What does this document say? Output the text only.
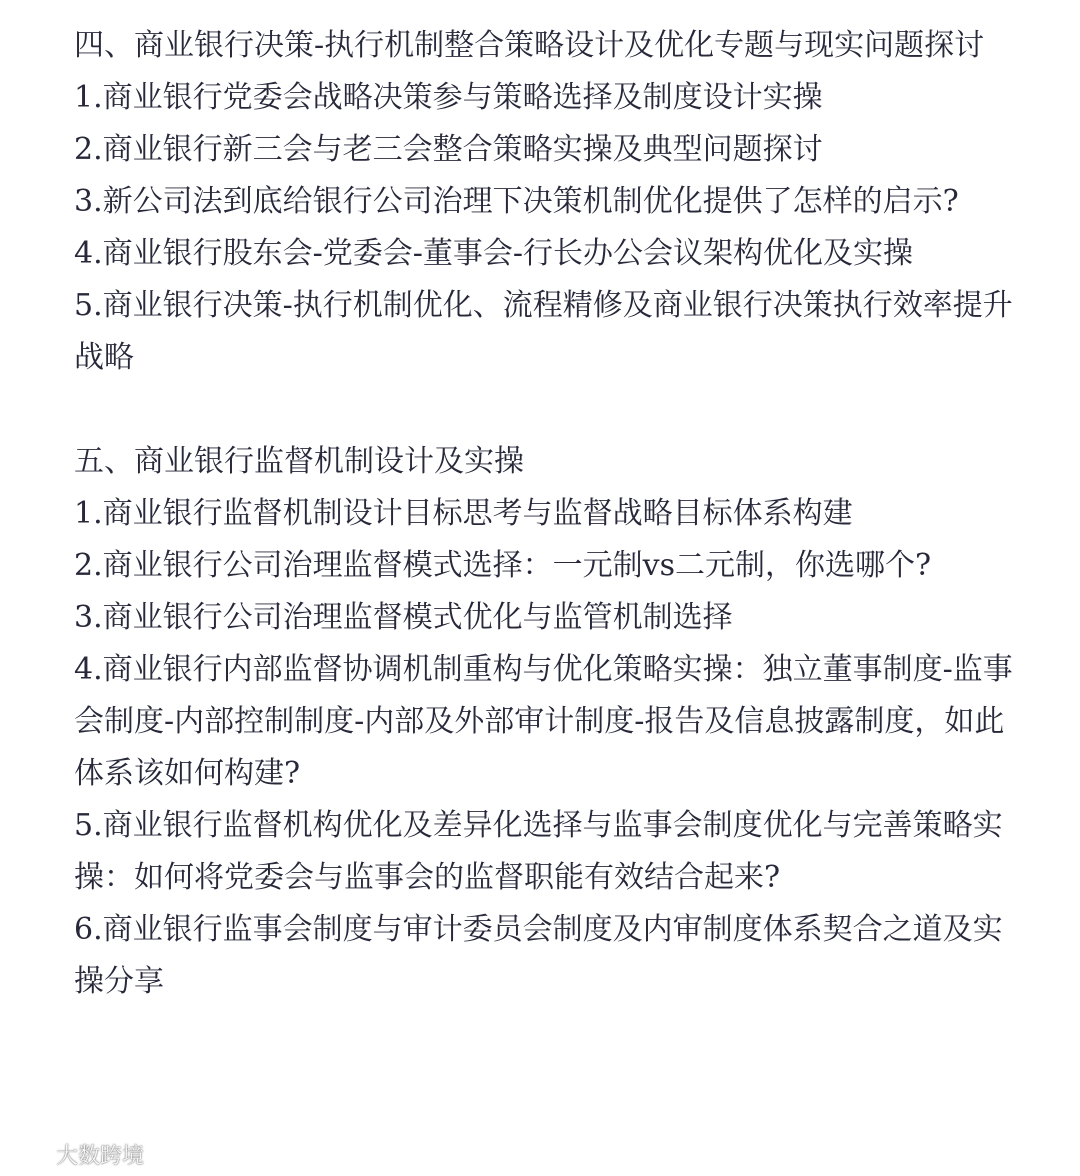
四、商业银行决策-执行机制整合策略设计及优化专题与现实问题探讨

1.商业银行党委会战略决策参与策略选择及制度设计实操

2.商业银行新三会与老三会整合策略实操及典型问题探讨

3.新公司法到底给银行公司治理下决策机制优化提供了怎样的启示?

4.商业银行股东会-党委会-董事会-行长办公会议架构优化及实操

5.商业银行决策-执行机制优化、流程精修及商业银行决策执行效率提升战略

五、商业银行监督机制设计及实操

1.商业银行监督机制设计目标思考与监督战略目标体系构建

2.商业银行公司治理监督模式选择：一元制vs二元制，你选哪个?

3.商业银行公司治理监督模式优化与监管机制选择

4.商业银行内部监督协调机制重构与优化策略实操：独立董事制度-监事会制度-内部控制制度-内部及外部审计制度-报告及信息披露制度，如此体系该如何构建?

5.商业银行监督机构优化及差异化选择与监事会制度优化与完善策略实操：如何将党委会与监事会的监督职能有效结合起来?

6.商业银行监事会制度与审计委员会制度及内审制度体系契合之道及实操分享

大数跨境
